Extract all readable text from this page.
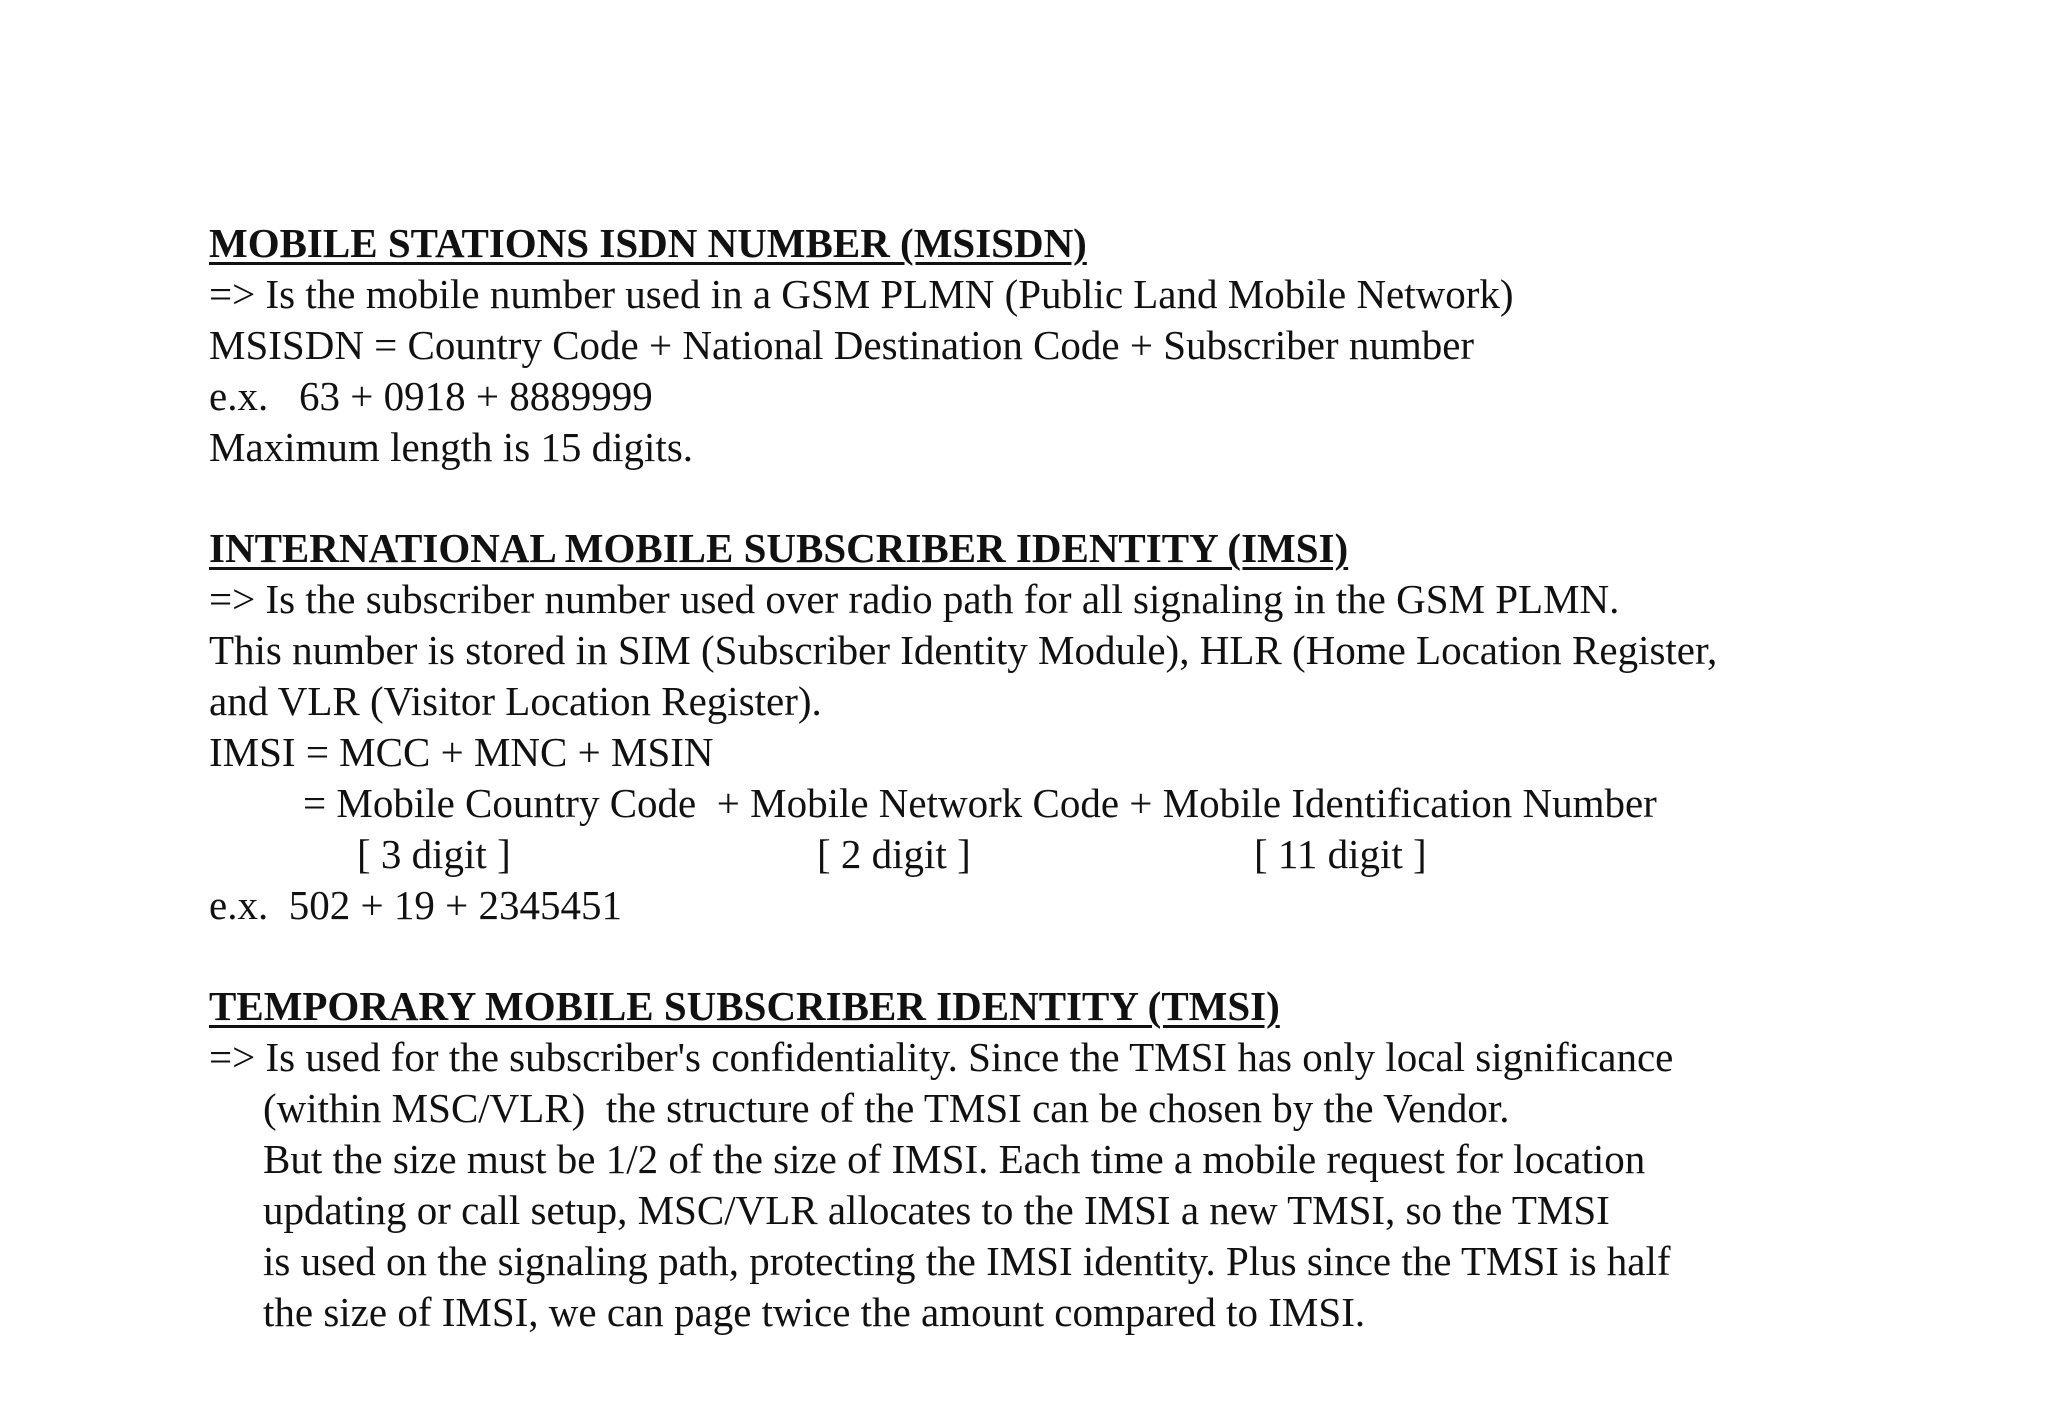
MOBILE STATIONS ISDN NUMBER (MSISDN)
=> Is the mobile number used in a GSM PLMN (Public Land Mobile Network)
MSISDN = Country Code + National Destination Code + Subscriber number
e.x.   63 + 0918 + 8889999
Maximum length is 15 digits.
INTERNATIONAL MOBILE SUBSCRIBER IDENTITY (IMSI)
=> Is the subscriber number used over radio path for all signaling in the GSM PLMN.
This number is stored in SIM (Subscriber Identity Module), HLR (Home Location Register,
and VLR (Visitor Location Register).
IMSI = MCC + MNC + MSIN
= Mobile Country Code  + Mobile Network Code + Mobile Identification Number

[ 3 digit ]

	[ 2 digit ]

	[ 11 digit ]

e.x.  502 + 19 + 2345451
TEMPORARY MOBILE SUBSCRIBER IDENTITY (TMSI)
=> Is used for the subscriber's confidentiality. Since the TMSI has only local significance
(within MSC/VLR)  the structure of the TMSI can be chosen by the Vendor.
But the size must be 1/2 of the size of IMSI. Each time a mobile request for location
updating or call setup, MSC/VLR allocates to the IMSI a new TMSI, so the TMSI
is used on the signaling path, protecting the IMSI identity. Plus since the TMSI is half
the size of IMSI, we can page twice the amount compared to IMSI.
